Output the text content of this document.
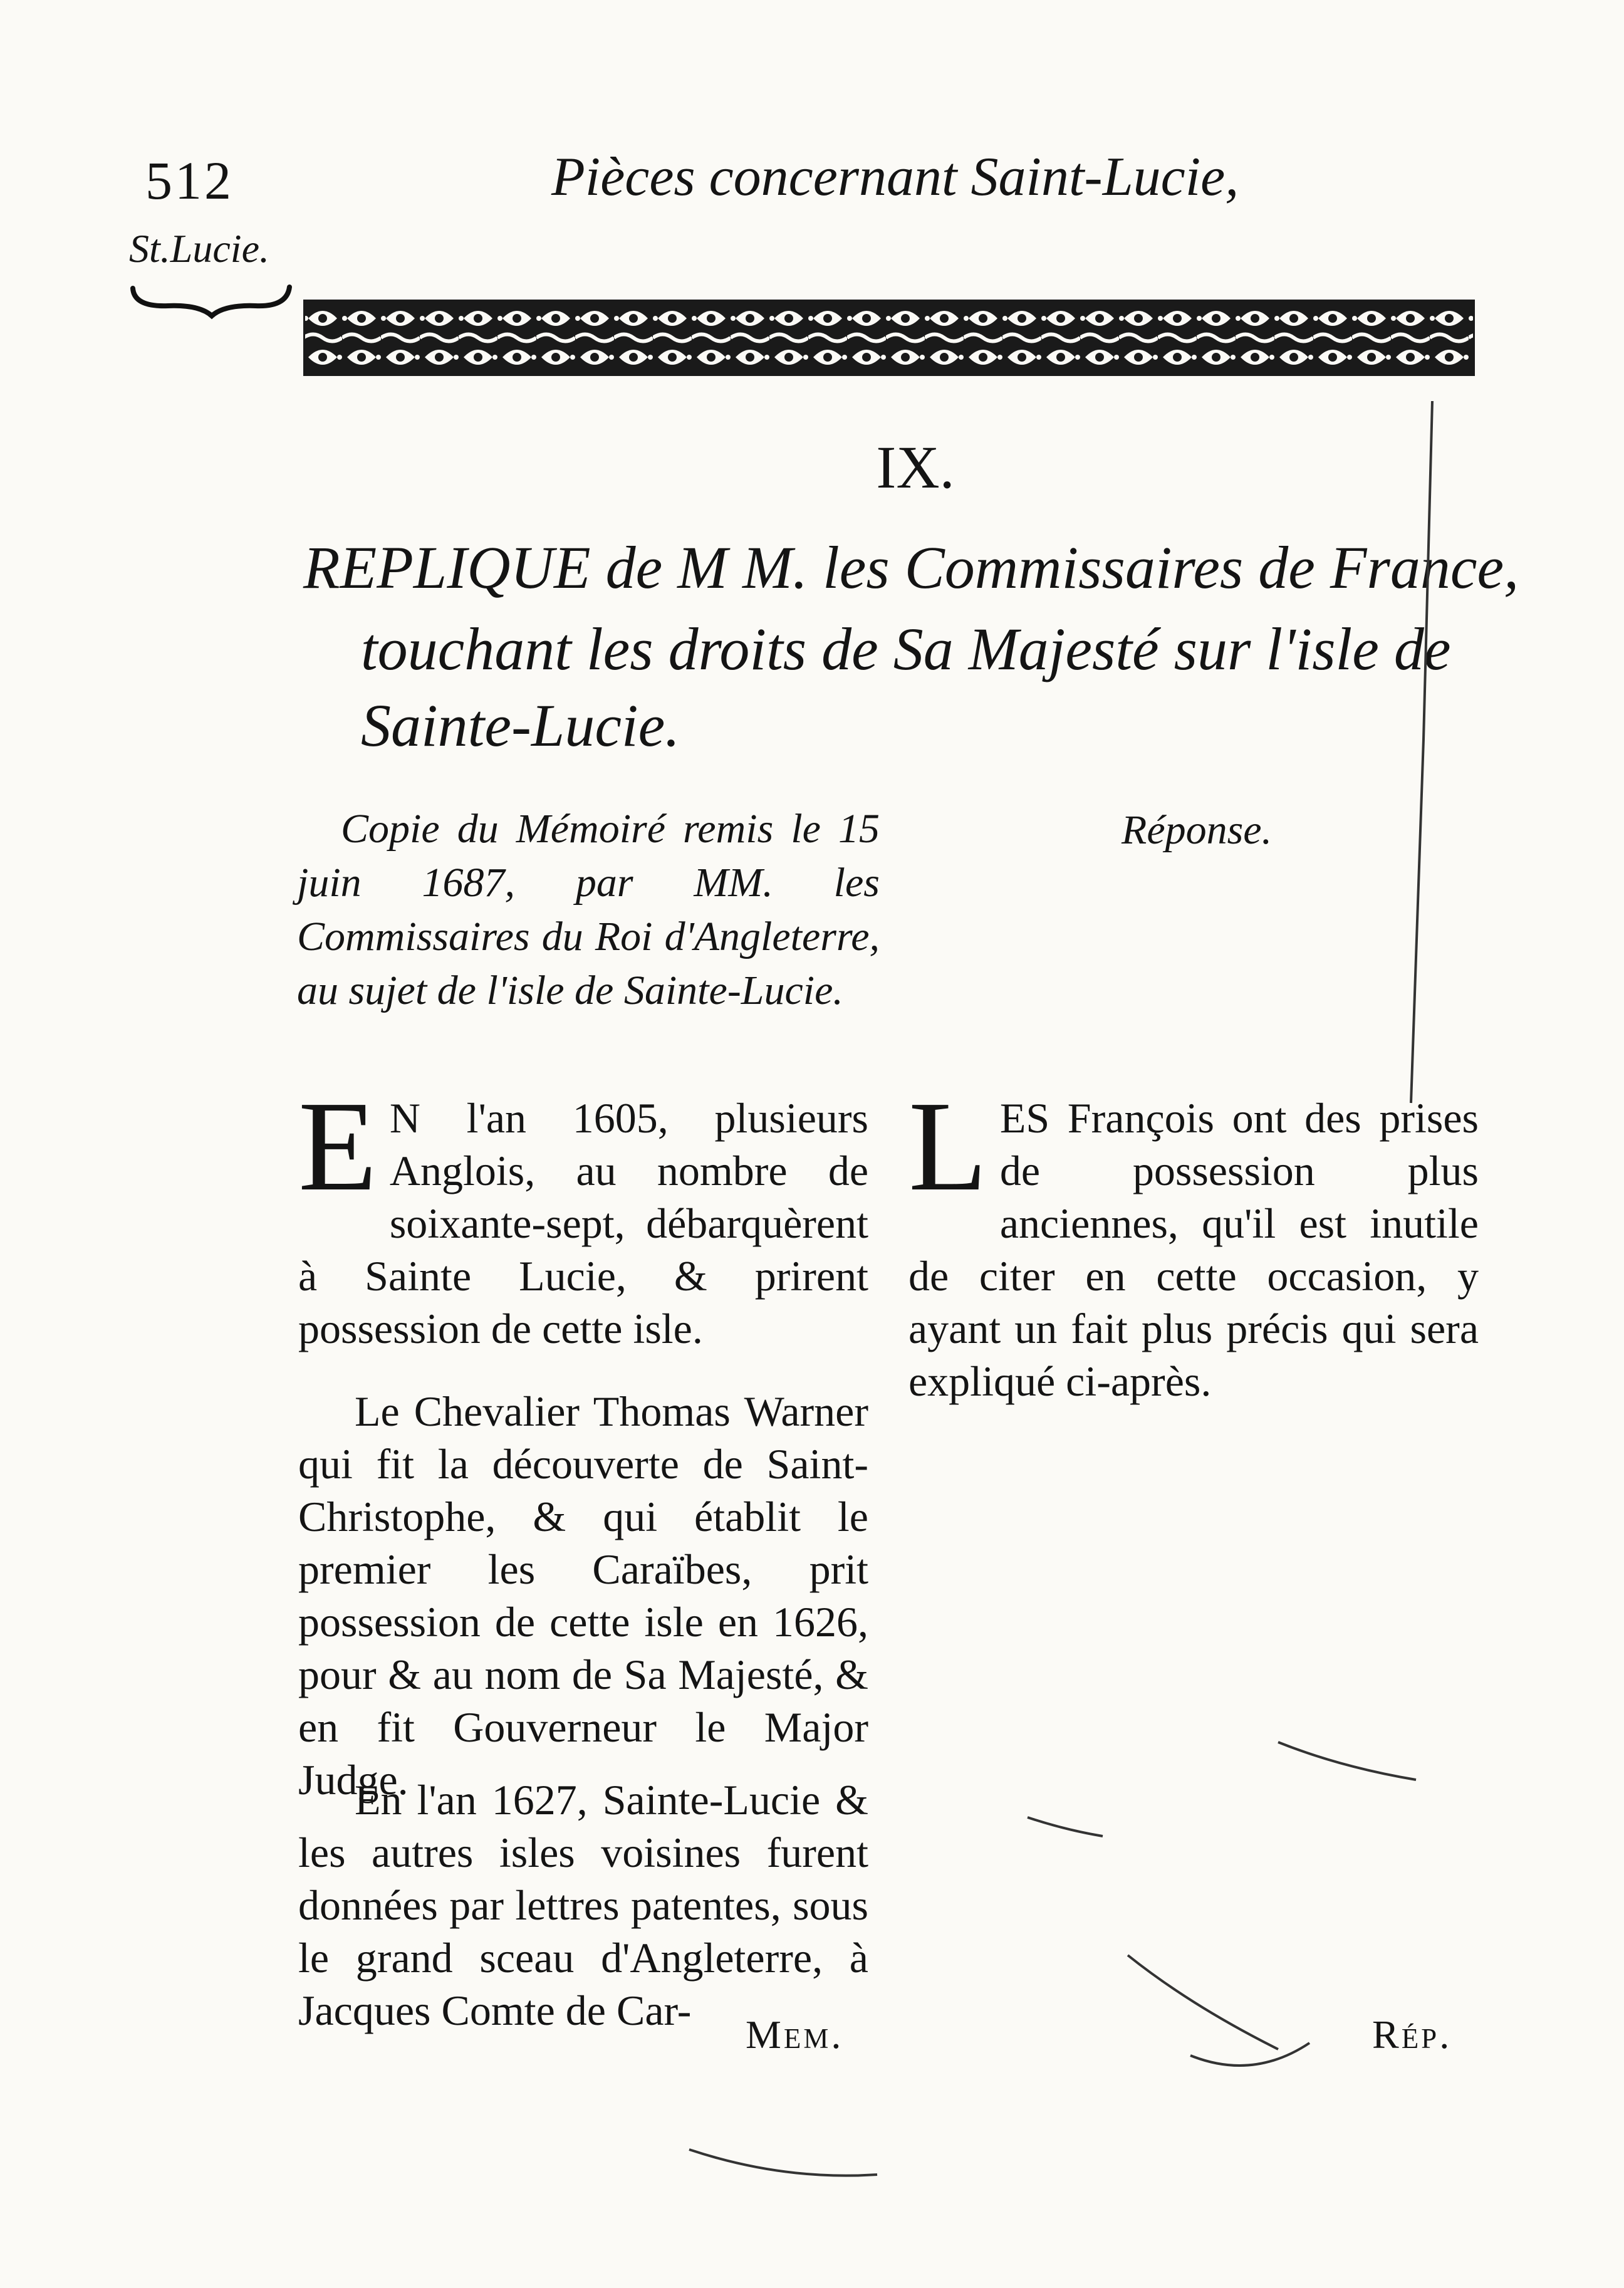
512	Pièces concernant Saint-Lucie,
St.Lucie.
IX.
REPLIQUE de M M. les Commissaires de France,
touchant les droits de Sa Majesté sur l'isle de
Sainte-Lucie.
Copie du Mémoiré remis le 15 juin 1687, par MM. les Commissaires du Roi d'Angleterre, au sujet de l'isle de Sainte-Lucie.
Réponse.

E N l'an 1605, plusieurs Anglois, au nombre de soixante-sept, débarquèrent à Sainte Lucie, & prirent possession de cette isle.

Le Chevalier Thomas Warner qui fit la découverte de Saint-Christophe, & qui établit le premier les Caraïbes, prit possession de cette isle en 1626, pour & au nom de Sa Majesté, & en fit Gouverneur le Major Judge.

En l'an 1627, Sainte-Lucie & les autres isles voisines furent données par lettres patentes, sous le grand sceau d'Angleterre, à Jacques Comte de Car-

LES François ont des prises de possession plus anciennes, qu'il est inutile de citer en cette occasion, y ayant un fait plus précis qui sera expliqué ci-après.

Mem.	Rép.
